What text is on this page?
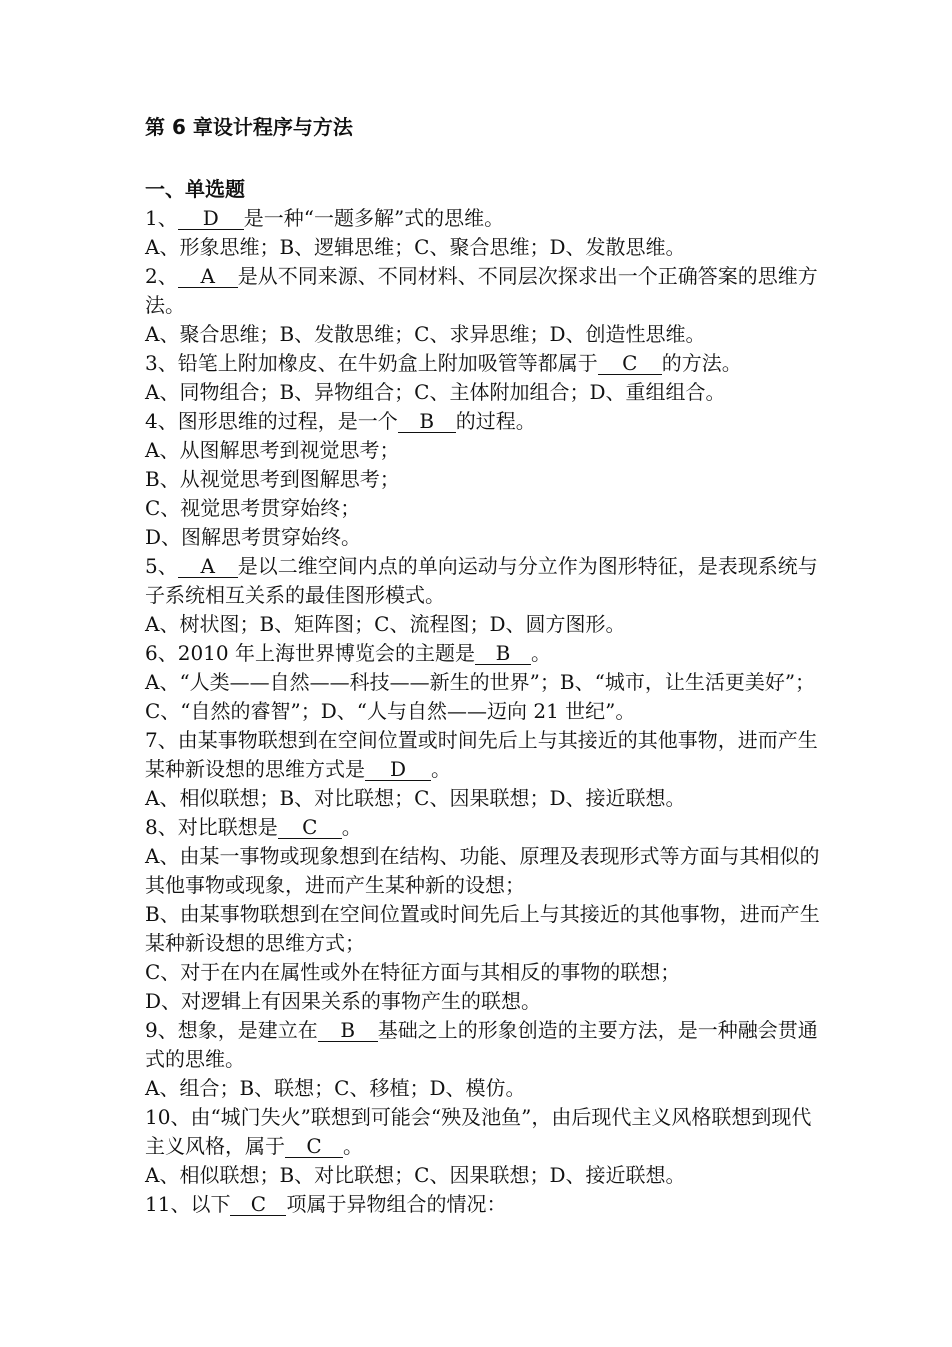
第 6 章设计程序与方法
一、单选题
1、 D 是一种“一题多解”式的思维。
A、形象思维；B、逻辑思维；C、聚合思维；D、发散思维。
2、 A 是从不同来源、不同材料、不同层次探求出一个正确答案的思维方法。
A、聚合思维；B、发散思维；C、求异思维；D、创造性思维。
3、铅笔上附加橡皮、在牛奶盒上附加吸管等都属于 C 的方法。
A、同物组合；B、异物组合；C、主体附加组合；D、重组组合。
4、图形思维的过程，是一个 B 的过程。
A、从图解思考到视觉思考；
B、从视觉思考到图解思考；
C、视觉思考贯穿始终；
D、图解思考贯穿始终。
5、 A 是以二维空间内点的单向运动与分立作为图形特征，是表现系统与子系统相互关系的最佳图形模式。
A、树状图；B、矩阵图；C、流程图；D、圆方图形。
6、2010 年上海世界博览会的主题是 B 。
A、“人类——自然——科技——新生的世界”；B、“城市，让生活更美好”；C、“自然的睿智”；D、“人与自然——迈向 21 世纪”。
7、由某事物联想到在空间位置或时间先后上与其接近的其他事物，进而产生某种新设想的思维方式是 D 。
A、相似联想；B、对比联想；C、因果联想；D、接近联想。
8、对比联想是 C 。
A、由某一事物或现象想到在结构、功能、原理及表现形式等方面与其相似的其他事物或现象，进而产生某种新的设想；
B、由某事物联想到在空间位置或时间先后上与其接近的其他事物，进而产生某种新设想的思维方式；
C、对于在内在属性或外在特征方面与其相反的事物的联想；
D、对逻辑上有因果关系的事物产生的联想。
9、想象，是建立在 B 基础之上的形象创造的主要方法，是一种融会贯通式的思维。
A、组合；B、联想；C、移植；D、模仿。
10、由“城门失火”联想到可能会“殃及池鱼”，由后现代主义风格联想到现代主义风格，属于 C 。
A、相似联想；B、对比联想；C、因果联想；D、接近联想。
11、以下 C 项属于异物组合的情况：
